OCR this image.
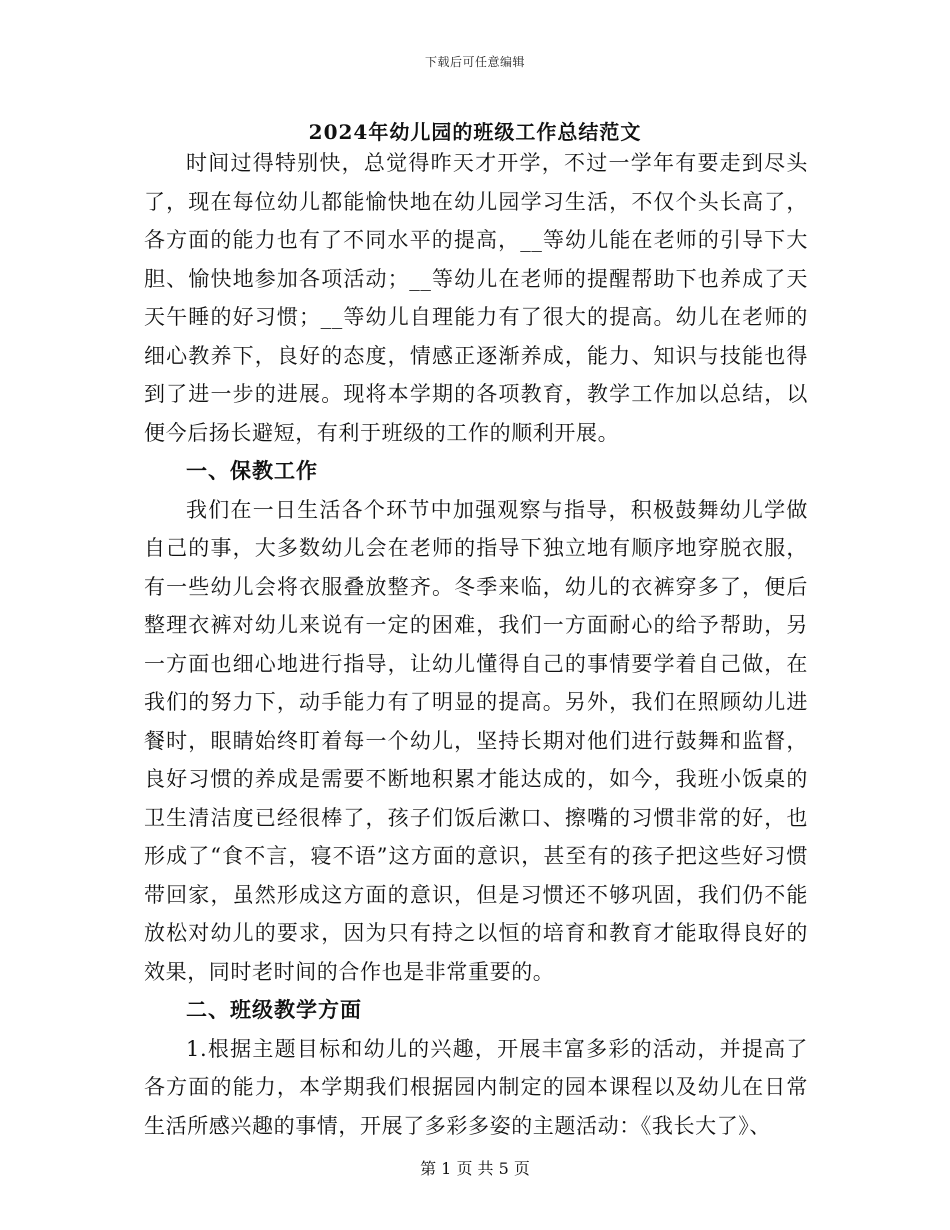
下载后可任意编辑
2024年幼儿园的班级工作总结范文

时间过得特别快，总觉得昨天才开学，不过一学年有要走到尽头了，现在每位幼儿都能愉快地在幼儿园学习生活，不仅个头长高了，各方面的能力也有了不同水平的提高，__等幼儿能在老师的引导下大胆、愉快地参加各项活动；__等幼儿在老师的提醒帮助下也养成了天天午睡的好习惯；__等幼儿自理能力有了很大的提高。幼儿在老师的细心教养下，良好的态度，情感正逐渐养成，能力、知识与技能也得到了进一步的进展。现将本学期的各项教育，教学工作加以总结，以便今后扬长避短，有利于班级的工作的顺利开展。

一、保教工作

我们在一日生活各个环节中加强观察与指导，积极鼓舞幼儿学做自己的事，大多数幼儿会在老师的指导下独立地有顺序地穿脱衣服，有一些幼儿会将衣服叠放整齐。冬季来临，幼儿的衣裤穿多了，便后整理衣裤对幼儿来说有一定的困难，我们一方面耐心的给予帮助，另一方面也细心地进行指导，让幼儿懂得自己的事情要学着自己做，在我们的努力下，动手能力有了明显的提高。另外，我们在照顾幼儿进餐时，眼睛始终盯着每一个幼儿，坚持长期对他们进行鼓舞和监督，良好习惯的养成是需要不断地积累才能达成的，如今，我班小饭桌的卫生清洁度已经很棒了，孩子们饭后漱口、擦嘴的习惯非常的好，也形成了“食不言，寝不语”这方面的意识，甚至有的孩子把这些好习惯带回家，虽然形成这方面的意识，但是习惯还不够巩固，我们仍不能放松对幼儿的要求，因为只有持之以恒的培育和教育才能取得良好的效果，同时老时间的合作也是非常重要的。

二、班级教学方面

1.根据主题目标和幼儿的兴趣，开展丰富多彩的活动，并提高了各方面的能力，本学期我们根据园内制定的园本课程以及幼儿在日常生活所感兴趣的事情，开展了多彩多姿的主题活动：《我长大了》、

第 1 页 共 5 页
